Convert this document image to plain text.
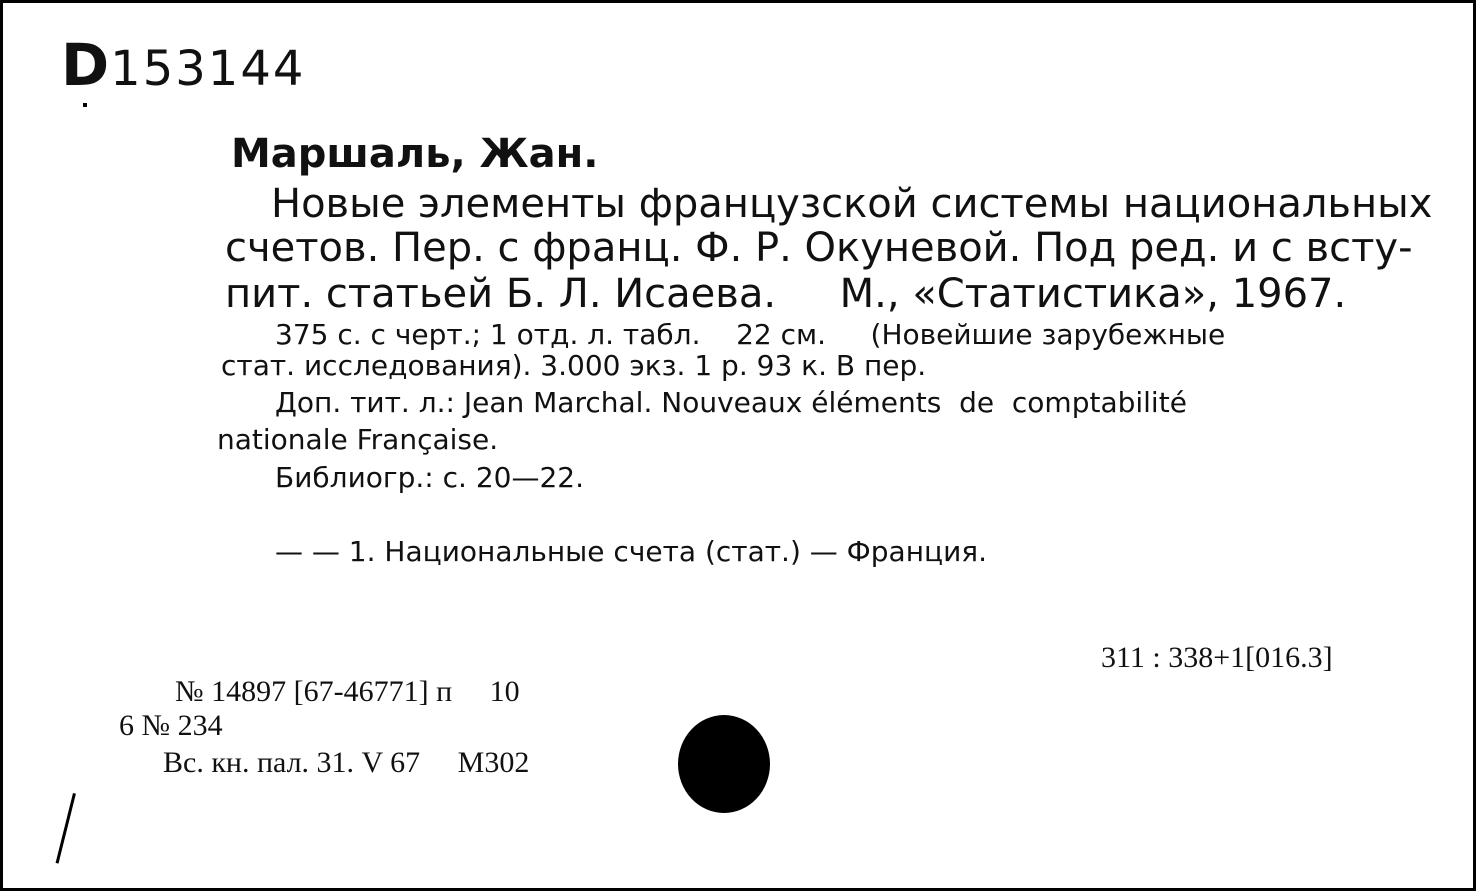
D153144
Маршаль, Жан.
Новые элементы французской системы национальных
счетов. Пер. с франц. Ф. Р. Окуневой. Под ред. и с всту-
пит. статьей Б. Л. Исаева.     М., «Статистика», 1967.
375 с. с черт.; 1 отд. л. табл.    22 см.     (Новейшие зарубежные
стат. исследования). 3.000 экз. 1 р. 93 к. В пер.
Доп. тит. л.: Jean Marchal. Nouveaux éléments  de  comptabilité
nationale Française.
Библиогр.: с. 20—22.
— — 1. Национальные счета (стат.) — Франция.
311 : 338+1[016.3]
№ 14897 [67-46771] п     10
6 № 234
Вс. кн. пал. 31. V 67     М302
